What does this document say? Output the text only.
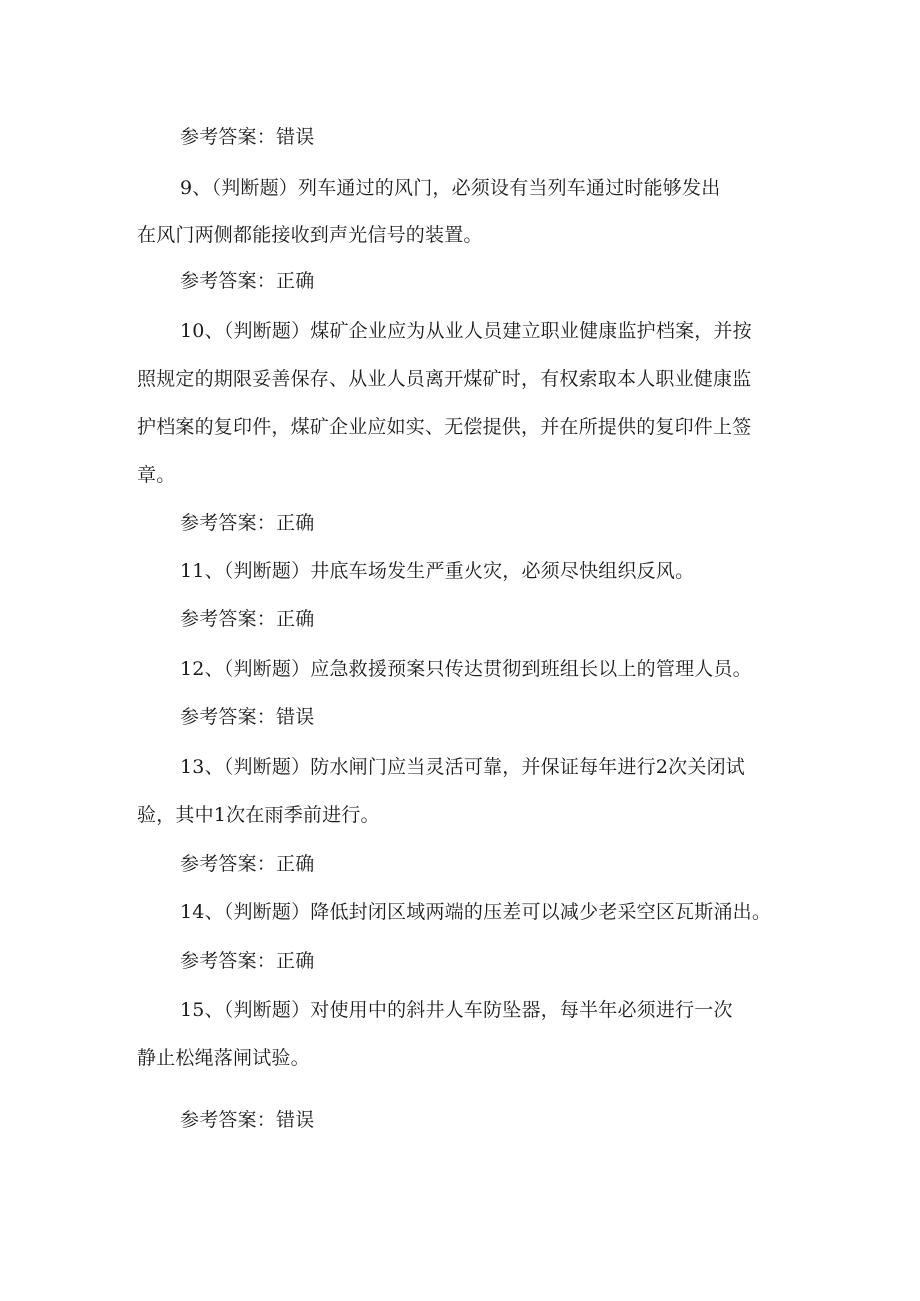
参考答案：错误
9、（判断题）列车通过的风门，必须设有当列车通过时能够发出
在风门两侧都能接收到声光信号的装置。
参考答案：正确
10、（判断题）煤矿企业应为从业人员建立职业健康监护档案，并按
照规定的期限妥善保存、从业人员离开煤矿时，有权索取本人职业健康监
护档案的复印件，煤矿企业应如实、无偿提供，并在所提供的复印件上签
章。
参考答案：正确
11、（判断题）井底车场发生严重火灾，必须尽快组织反风。
参考答案：正确
12、（判断题）应急救援预案只传达贯彻到班组长以上的管理人员。
参考答案：错误
13、（判断题）防水闸门应当灵活可靠，并保证每年进行2次关闭试
验，其中1次在雨季前进行。
参考答案：正确
14、（判断题）降低封闭区域两端的压差可以减少老采空区瓦斯涌出。
参考答案：正确
15、（判断题）对使用中的斜井人车防坠器，每半年必须进行一次
静止松绳落闸试验。
参考答案：错误
